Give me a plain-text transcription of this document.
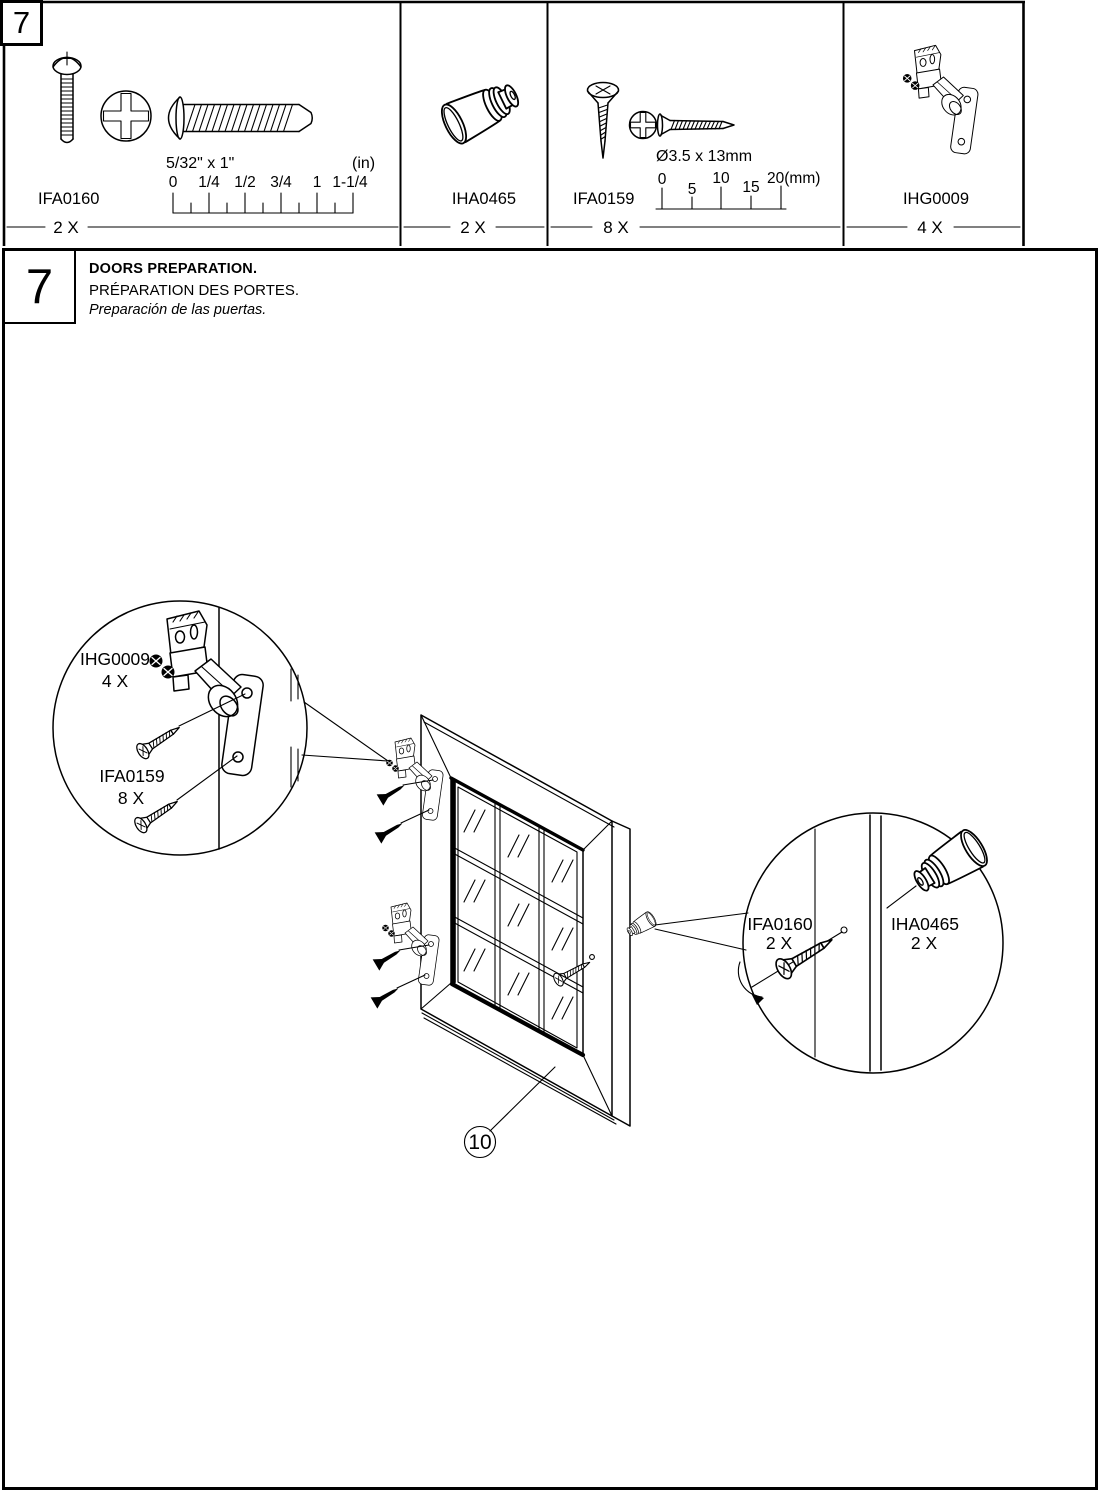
5/32" x 1"	(in)
0 1/4 1/2 3/4 1 1-1/4
IFA0160
2 X
IHA0465
2 X
Ø3.5 x 13mm
0
5
10
15
20(mm)
IFA0159
8 X
IHG0009
4 X
7
IHG0009
4 X
IFA0159
8 X
IFA0160
2 X
IHA0465
2 X
10
7 DOORS PREPARATION.
PRÉPARATION DES PORTES.
Preparación de las puertas.
